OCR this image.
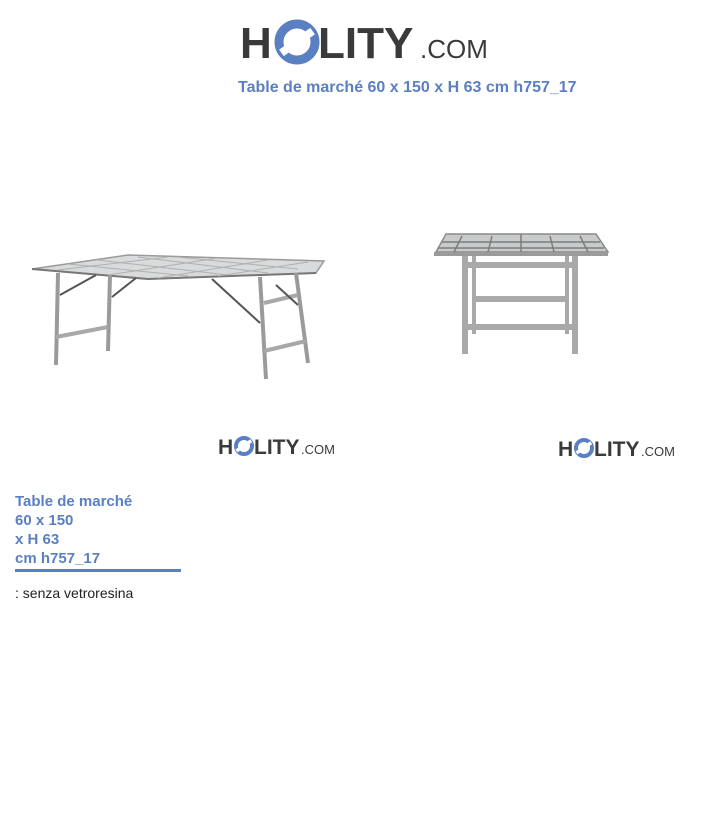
H LITY .COM
Table de marché 60 x 150 x H 63 cm h757_17
H LITY .COM	H LITY .COM
Table de marché
60 x 150
x H 63
cm h757_17
: senza vetroresina
